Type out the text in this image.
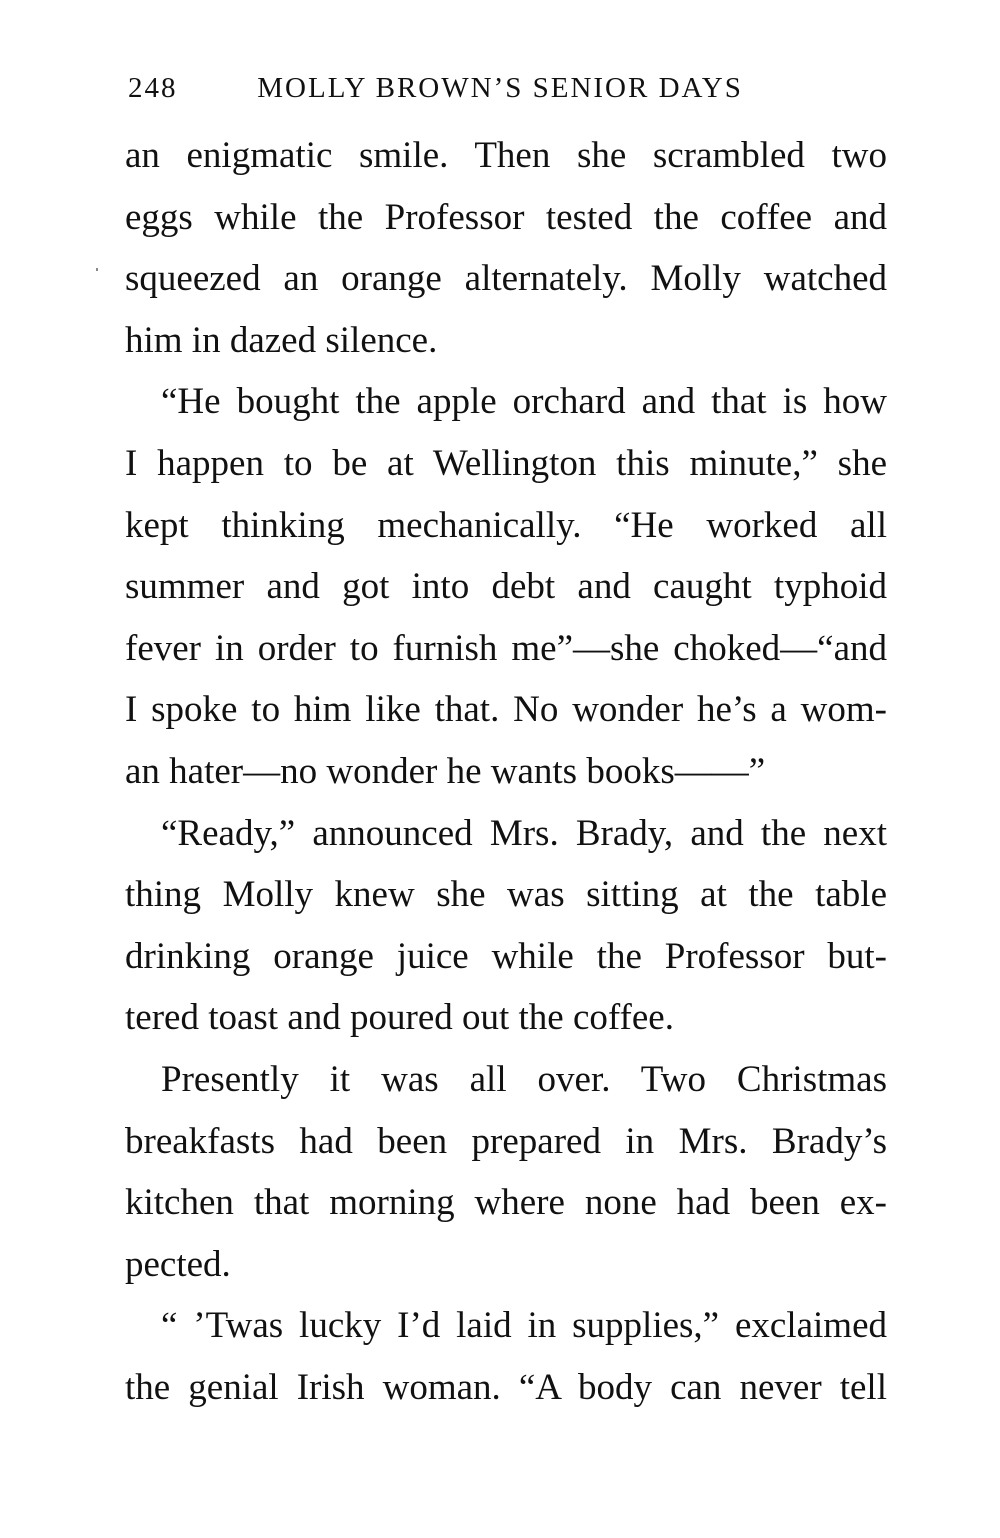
248	MOLLY BROWN’S SENIOR DAYS
an enigmatic smile. Then she scrambled two
eggs while the Professor tested the coffee and
squeezed an orange alternately. Molly watched
him in dazed silence.
“He bought the apple orchard and that is how
I happen to be at Wellington this minute,” she
kept thinking mechanically. “He worked all
summer and got into debt and caught typhoid
fever in order to furnish me”—she choked—“and
I spoke to him like that. No wonder he’s a wom-
an hater—no wonder he wants books——”
“Ready,” announced Mrs. Brady, and the next
thing Molly knew she was sitting at the table
drinking orange juice while the Professor but-
tered toast and poured out the coffee.
Presently it was all over. Two Christmas
breakfasts had been prepared in Mrs. Brady’s
kitchen that morning where none had been ex-
pected.
“ ’Twas lucky I’d laid in supplies,” exclaimed
the genial Irish woman. “A body can never tell
